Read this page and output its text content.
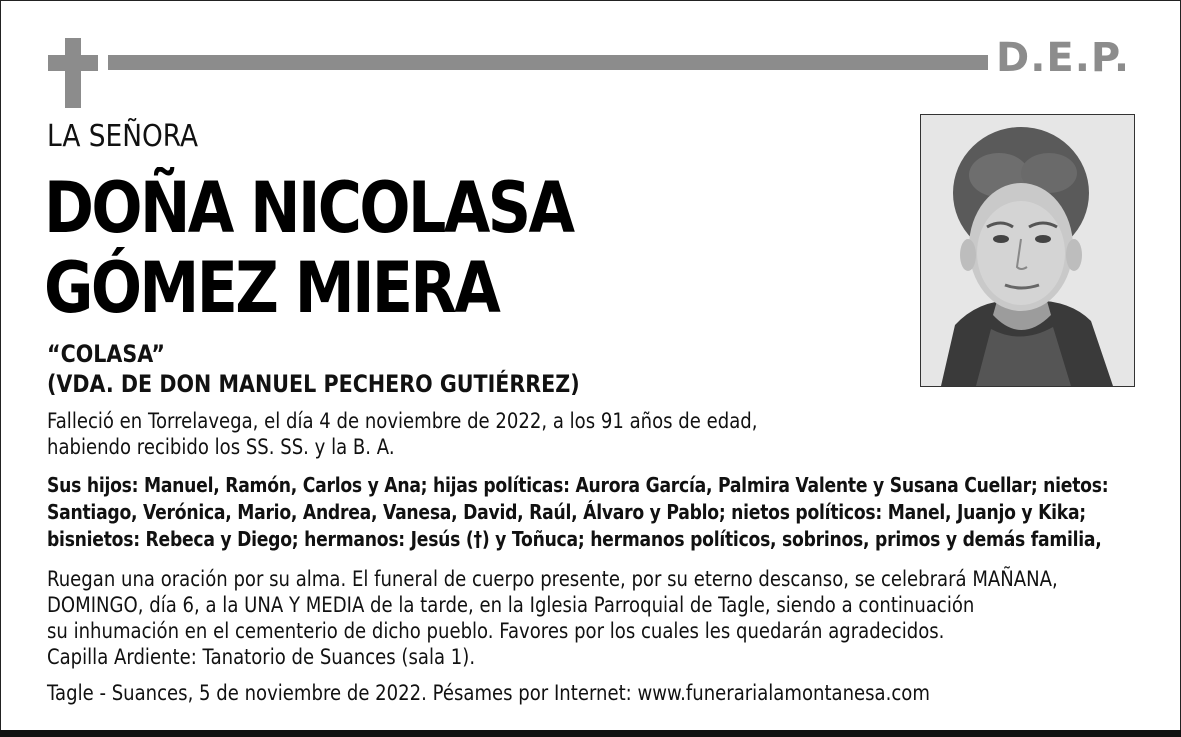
D.E.P.
LA SEÑORA
DOÑA NICOLASA
GÓMEZ MIERA
“COLASA”
(VDA. DE DON MANUEL PECHERO GUTIÉRREZ)
Falleció en Torrelavega, el día 4 de noviembre de 2022, a los 91 años de edad,
habiendo recibido los SS. SS. y la B. A.
Sus hijos: Manuel, Ramón, Carlos y Ana; hijas políticas: Aurora García, Palmira Valente y Susana Cuellar; nietos:
Santiago, Verónica, Mario, Andrea, Vanesa, David, Raúl, Álvaro y Pablo; nietos políticos: Manel, Juanjo y Kika;
bisnietos: Rebeca y Diego; hermanos: Jesús (†) y Toñuca; hermanos políticos, sobrinos, primos y demás familia,
Ruegan una oración por su alma. El funeral de cuerpo presente, por su eterno descanso, se celebrará MAÑANA,
DOMINGO, día 6, a la UNA Y MEDIA de la tarde, en la Iglesia Parroquial de Tagle, siendo a continuación
su inhumación en el cementerio de dicho pueblo. Favores por los cuales les quedarán agradecidos.
Capilla Ardiente: Tanatorio de Suances (sala 1).
Tagle - Suances, 5 de noviembre de 2022. Pésames por Internet: www.funerarialamontanesa.com
